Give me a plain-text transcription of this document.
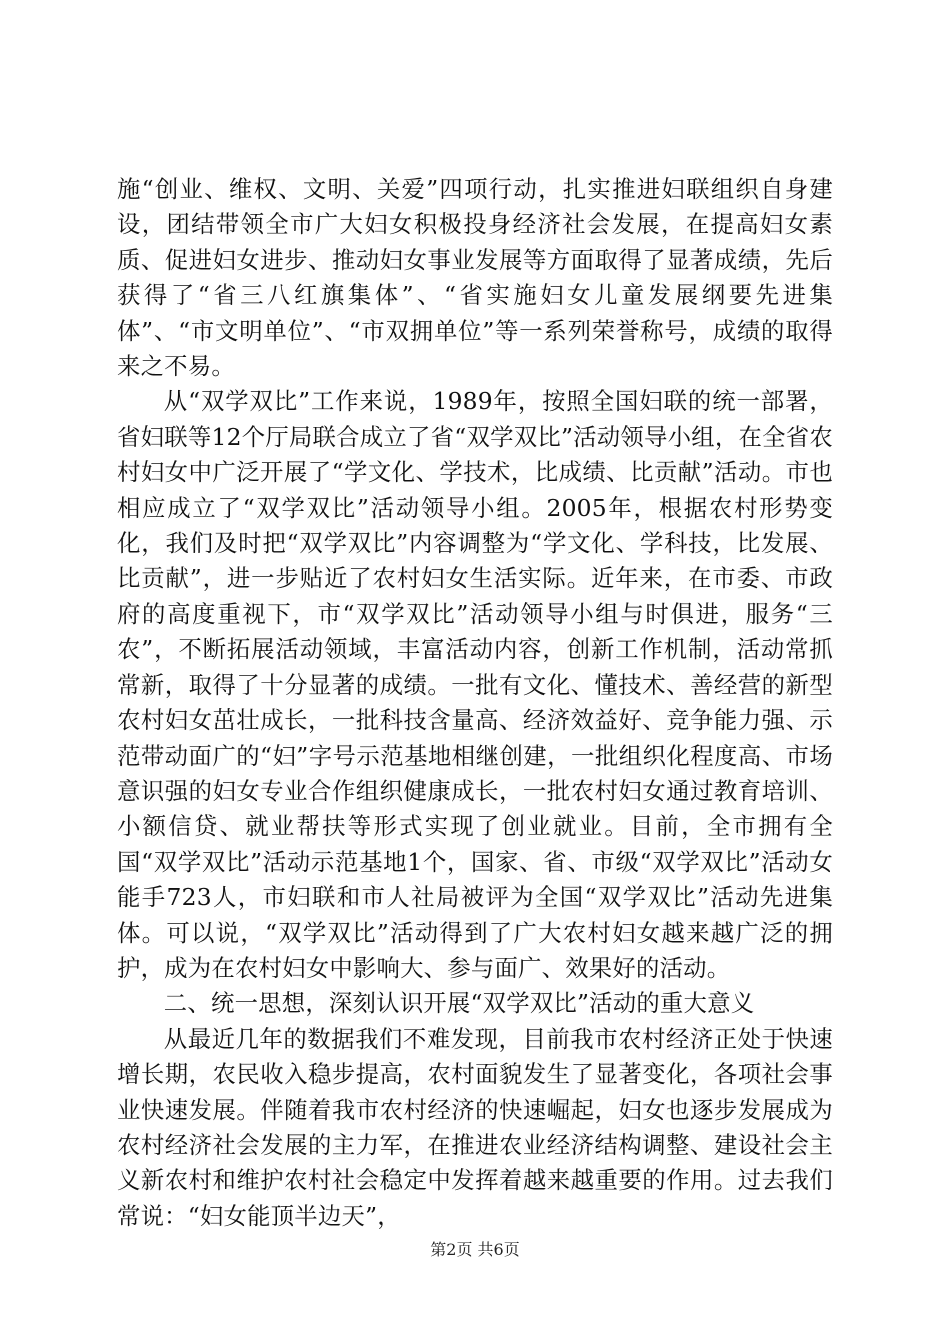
施“创业、维权、文明、关爱”四项行动，扎实推进妇联组织自身建设，团结带领全市广大妇女积极投身经济社会发展，在提高妇女素质、促进妇女进步、推动妇女事业发展等方面取得了显著成绩，先后获得了“省三八红旗集体”、“省实施妇女儿童发展纲要先进集体”、“市文明单位”、“市双拥单位”等一系列荣誉称号，成绩的取得来之不易。

从“双学双比”工作来说，1989年，按照全国妇联的统一部署，省妇联等12个厅局联合成立了省“双学双比”活动领导小组，在全省农村妇女中广泛开展了“学文化、学技术，比成绩、比贡献”活动。市也相应成立了“双学双比”活动领导小组。2005年，根据农村形势变化，我们及时把“双学双比”内容调整为“学文化、学科技，比发展、比贡献”，进一步贴近了农村妇女生活实际。近年来，在市委、市政府的高度重视下，市“双学双比”活动领导小组与时俱进，服务“三农”，不断拓展活动领域，丰富活动内容，创新工作机制，活动常抓常新，取得了十分显著的成绩。一批有文化、懂技术、善经营的新型农村妇女茁壮成长，一批科技含量高、经济效益好、竞争能力强、示范带动面广的“妇”字号示范基地相继创建，一批组织化程度高、市场意识强的妇女专业合作组织健康成长，一批农村妇女通过教育培训、小额信贷、就业帮扶等形式实现了创业就业。目前，全市拥有全国“双学双比”活动示范基地1个，国家、省、市级“双学双比”活动女能手723人，市妇联和市人社局被评为全国“双学双比”活动先进集体。可以说，“双学双比”活动得到了广大农村妇女越来越广泛的拥护，成为在农村妇女中影响大、参与面广、效果好的活动。

二、统一思想，深刻认识开展“双学双比”活动的重大意义

从最近几年的数据我们不难发现，目前我市农村经济正处于快速增长期，农民收入稳步提高，农村面貌发生了显著变化，各项社会事业快速发展。伴随着我市农村经济的快速崛起，妇女也逐步发展成为农村经济社会发展的主力军，在推进农业经济结构调整、建设社会主义新农村和维护农村社会稳定中发挥着越来越重要的作用。过去我们常说：“妇女能顶半边天”，

第2页 共6页
